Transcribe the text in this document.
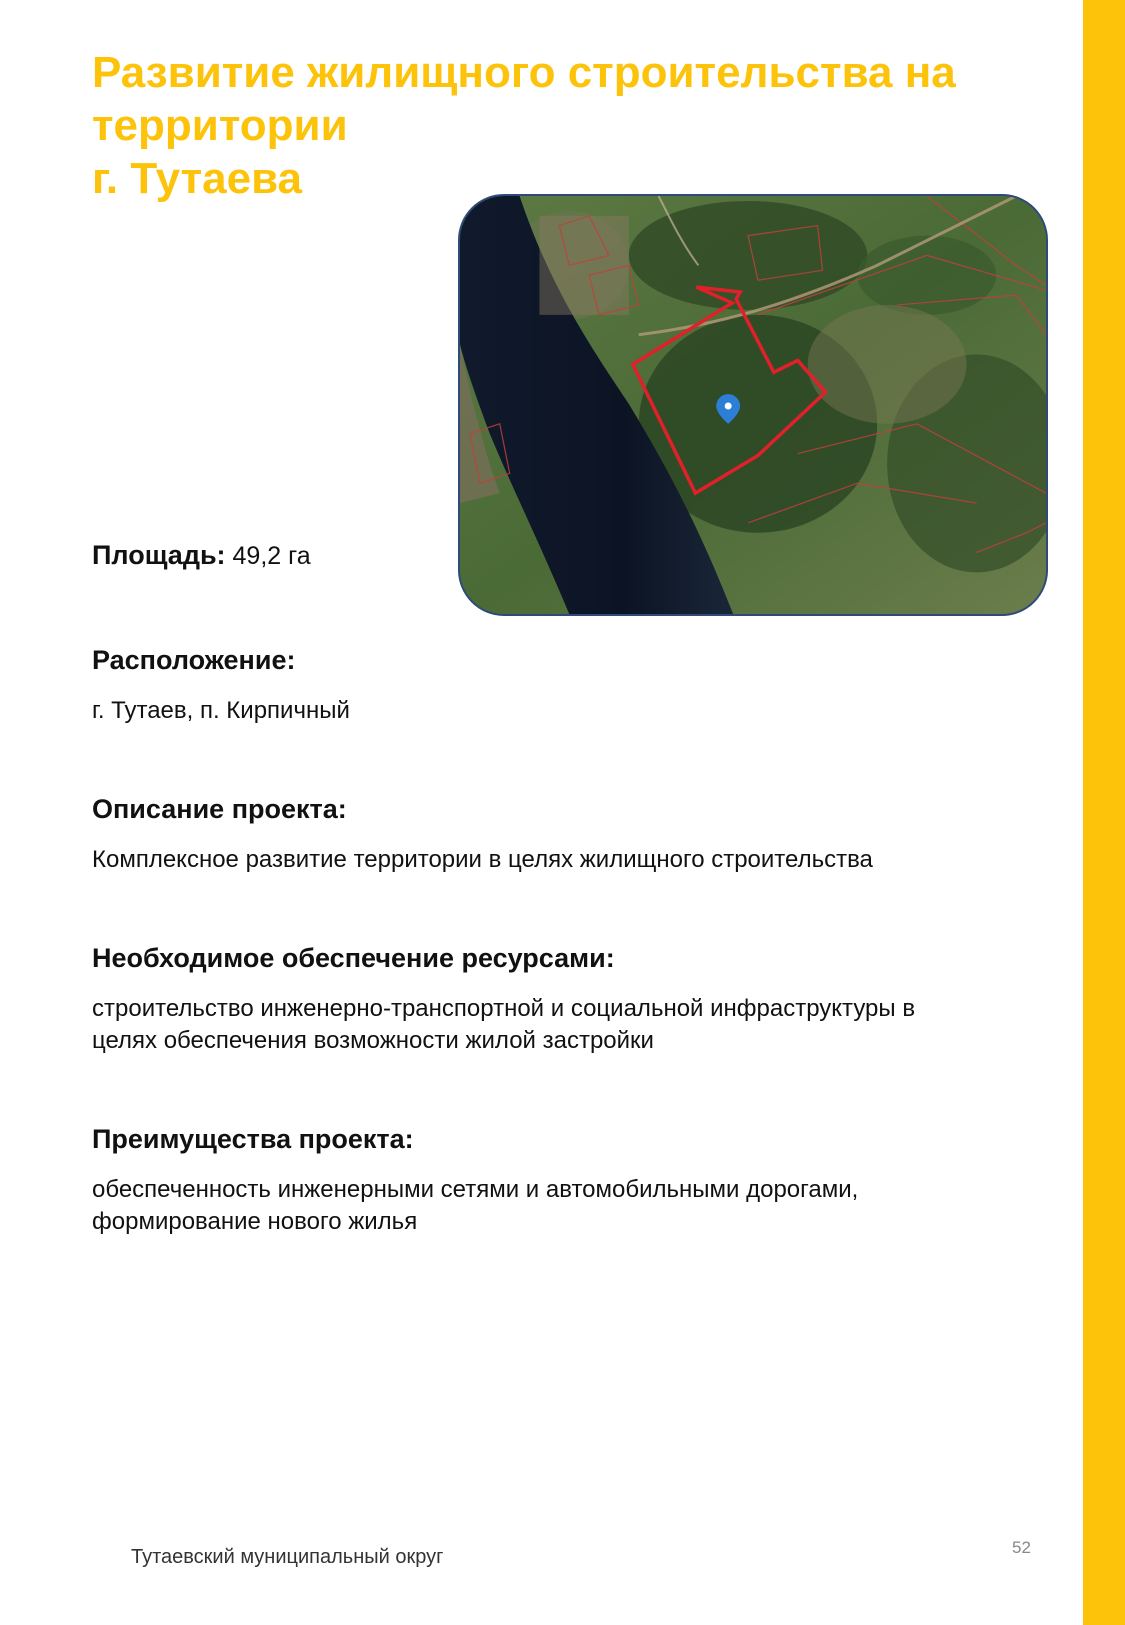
Развитие жилищного строительства на
территории
г. Тутаева
Площадь: 49,2 га
Расположение:

г. Тутаев, п. Кирпичный

Описание проекта:

Комплексное развитие территории в целях жилищного строительства

Необходимое обеспечение ресурсами:

строительство инженерно-транспортной и социальной инфраструктуры в
целях обеспечения возможности жилой застройки

Преимущества проекта:

обеспеченность инженерными сетями и автомобильными дорогами,
формирование нового жилья

Тутаевский муниципальный округ	52
